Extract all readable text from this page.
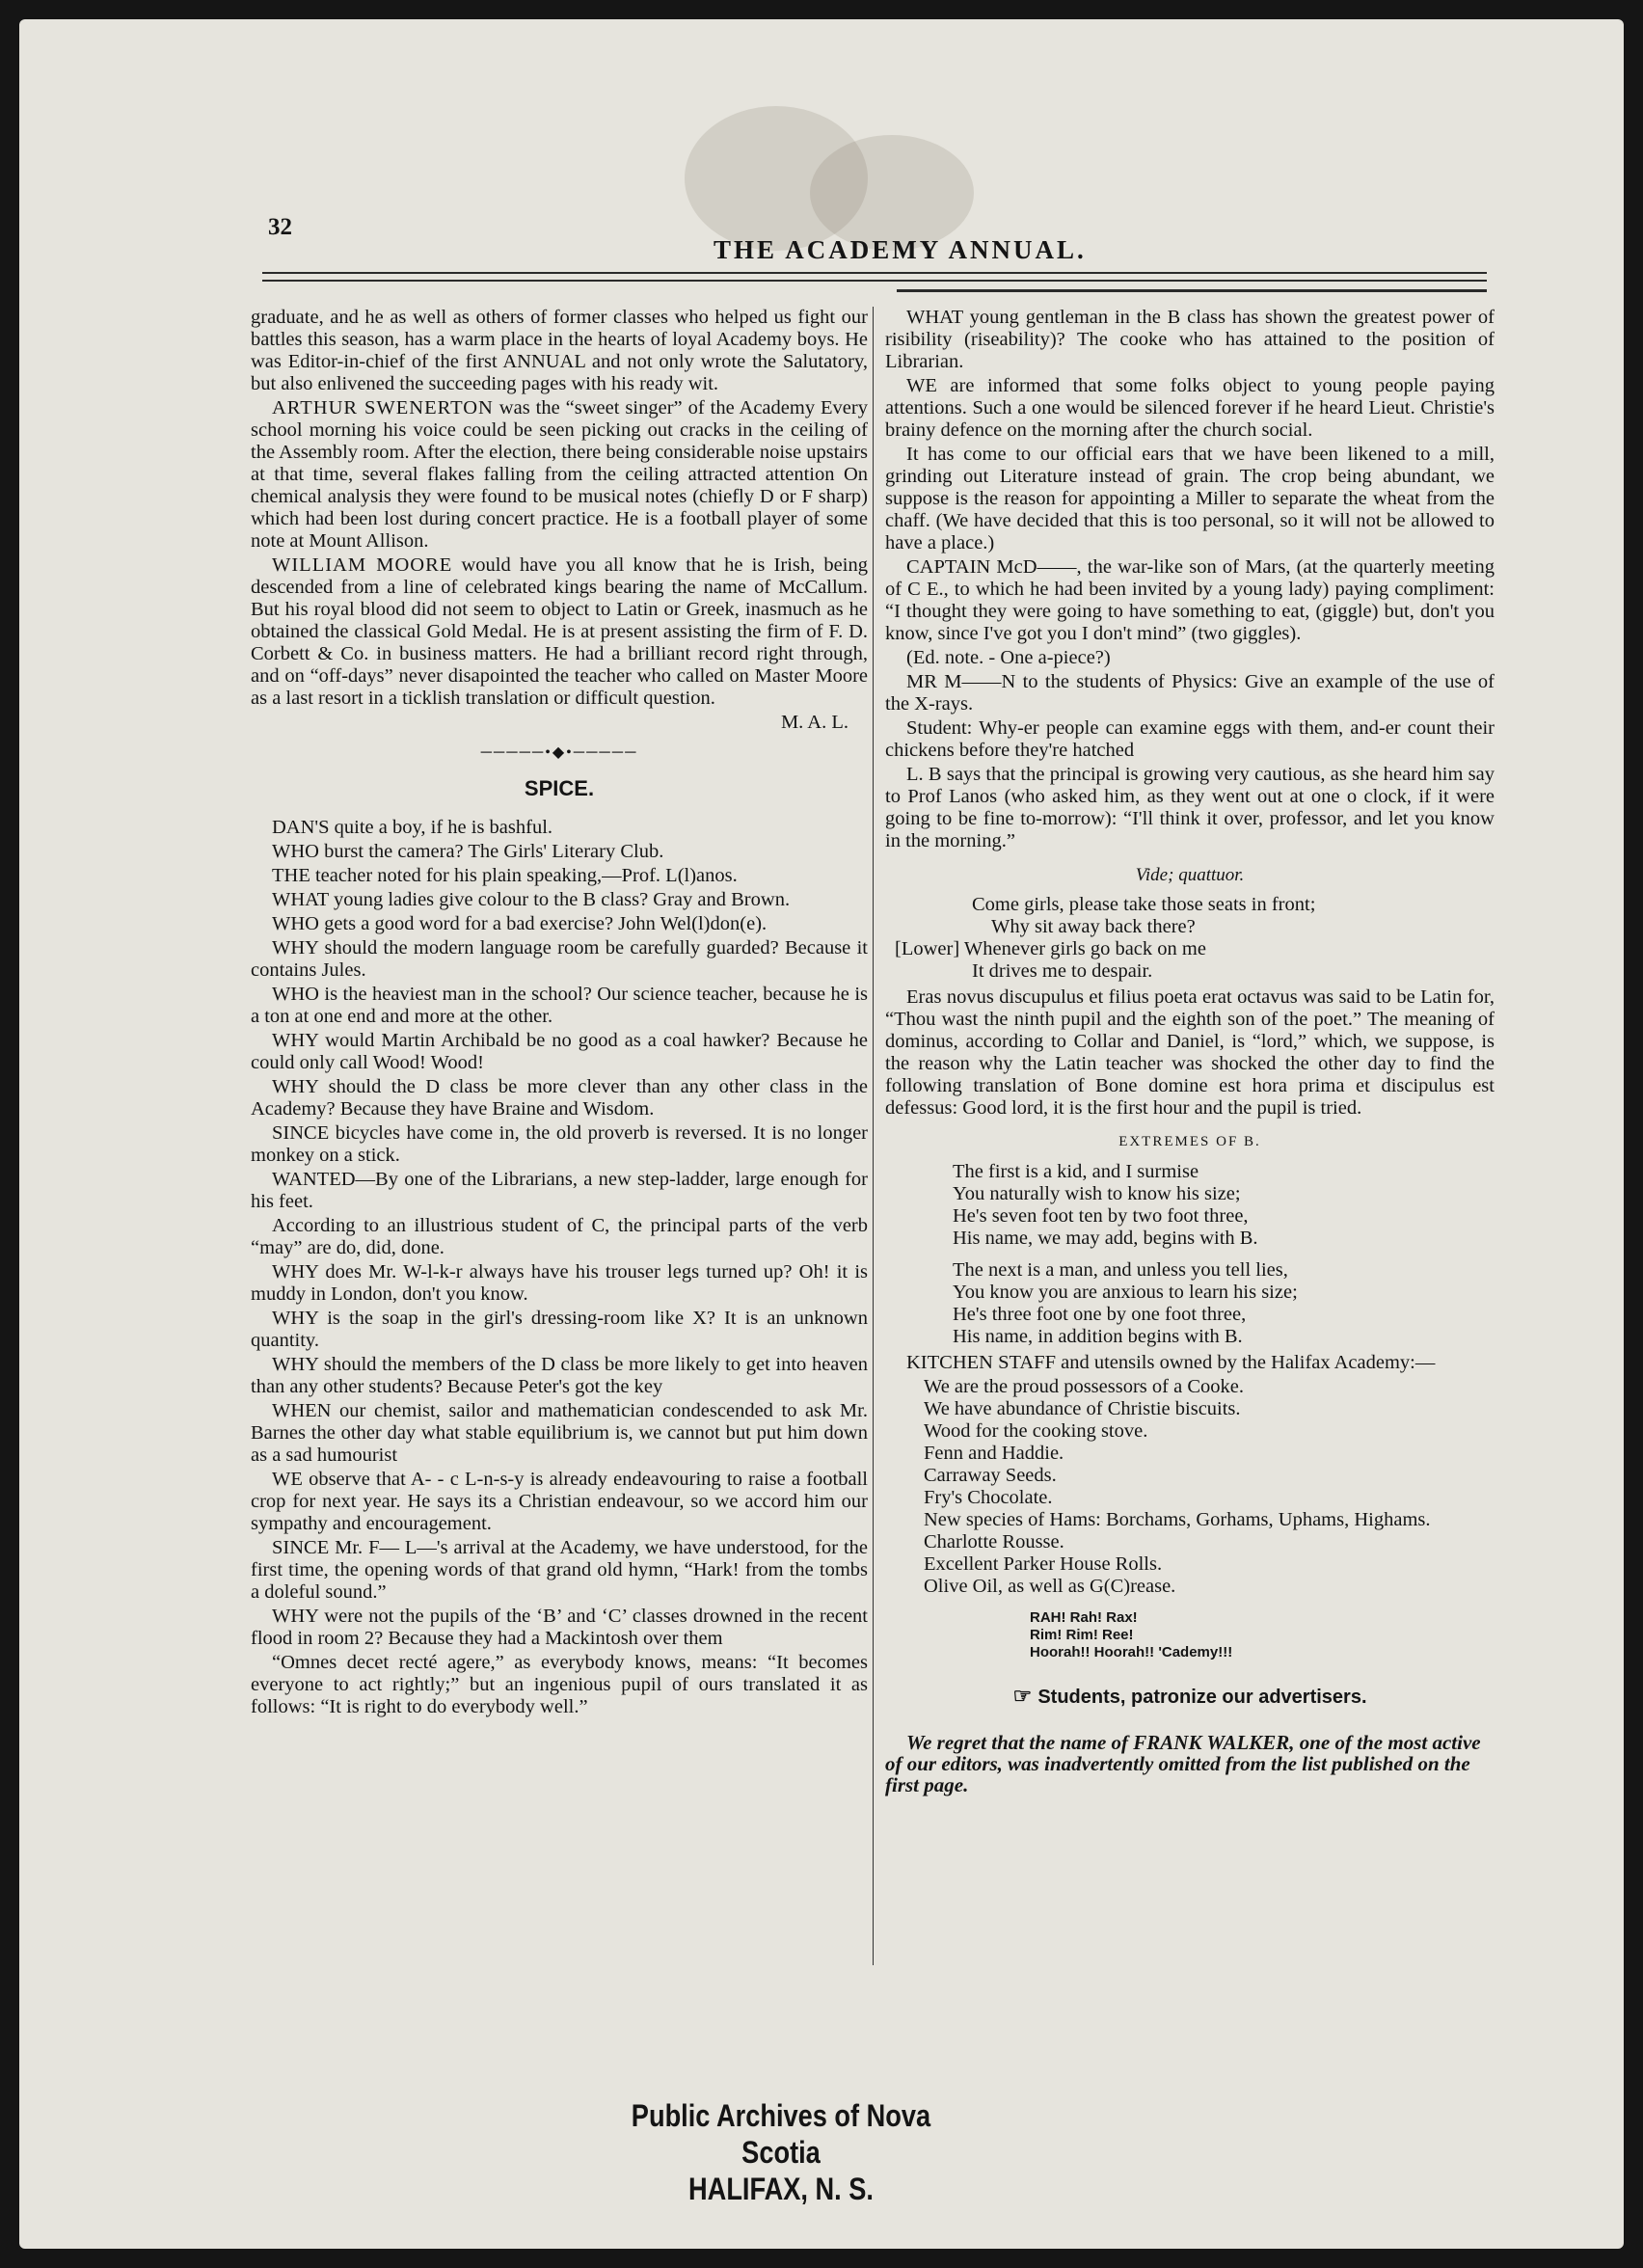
32
THE ACADEMY ANNUAL.

graduate, and he as well as others of former classes who helped us fight our battles this season, has a warm place in the hearts of loyal Academy boys. He was Editor-in-chief of the first ANNUAL and not only wrote the Salutatory, but also enlivened the succeeding pages with his ready wit.

ARTHUR SWENERTON was the “sweet singer” of the Academy Every school morning his voice could be seen picking out cracks in the ceiling of the Assembly room. After the election, there being considerable noise upstairs at that time, several flakes falling from the ceiling attracted attention On chemical analysis they were found to be musical notes (chiefly D or F sharp) which had been lost during concert practice. He is a football player of some note at Mount Allison.

WILLIAM MOORE would have you all know that he is Irish, being descended from a line of celebrated kings bearing the name of McCallum. But his royal blood did not seem to object to Latin or Greek, inasmuch as he obtained the classical Gold Medal. He is at present assisting the firm of F. D. Corbett & Co. in business matters. He had a brilliant record right through, and on “off-days” never disapointed the teacher who called on Master Moore as a last resort in a ticklish translation or difficult question.

M. A. L.
─────•◆•─────
SPICE.

DAN'S quite a boy, if he is bashful.

WHO burst the camera? The Girls' Literary Club.

THE teacher noted for his plain speaking,—Prof. L(l)anos.

WHAT young ladies give colour to the B class? Gray and Brown.

WHO gets a good word for a bad exercise? John Wel(l)don(e).

WHY should the modern language room be carefully guarded? Because it contains Jules.

WHO is the heaviest man in the school? Our science teacher, because he is a ton at one end and more at the other.

WHY would Martin Archibald be no good as a coal hawker? Because he could only call Wood! Wood!

WHY should the D class be more clever than any other class in the Academy? Because they have Braine and Wisdom.

SINCE bicycles have come in, the old proverb is reversed. It is no longer monkey on a stick.

WANTED—By one of the Librarians, a new step-ladder, large enough for his feet.

According to an illustrious student of C, the principal parts of the verb “may” are do, did, done.

WHY does Mr. W-l-k-r always have his trouser legs turned up? Oh! it is muddy in London, don't you know.

WHY is the soap in the girl's dressing-room like X? It is an unknown quantity.

WHY should the members of the D class be more likely to get into heaven than any other students? Because Peter's got the key

WHEN our chemist, sailor and mathematician condescended to ask Mr. Barnes the other day what stable equilibrium is, we cannot but put him down as a sad humourist

WE observe that A- - c L-n-s-y is already endeavouring to raise a football crop for next year. He says its a Christian endeavour, so we accord him our sympathy and encouragement.

SINCE Mr. F— L—'s arrival at the Academy, we have understood, for the first time, the opening words of that grand old hymn, “Hark! from the tombs a doleful sound.”

WHY were not the pupils of the ‘B’ and ‘C’ classes drowned in the recent flood in room 2? Because they had a Mackintosh over them

“Omnes decet recté agere,” as everybody knows, means: “It becomes everyone to act rightly;” but an ingenious pupil of ours translated it as follows: “It is right to do everybody well.”

WHAT young gentleman in the B class has shown the greatest power of risibility (riseability)? The cooke who has attained to the position of Librarian.

WE are informed that some folks object to young people paying attentions. Such a one would be silenced forever if he heard Lieut. Christie's brainy defence on the morning after the church social.

It has come to our official ears that we have been likened to a mill, grinding out Literature instead of grain. The crop being abundant, we suppose is the reason for appointing a Miller to separate the wheat from the chaff. (We have decided that this is too personal, so it will not be allowed to have a place.)

CAPTAIN McD——, the war-like son of Mars, (at the quarterly meeting of C E., to which he had been invited by a young lady) paying compliment: “I thought they were going to have something to eat, (giggle) but, don't you know, since I've got you I don't mind” (two giggles).

(Ed. note. - One a-piece?)

MR M——N to the students of Physics: Give an example of the use of the X-rays.

Student: Why-er people can examine eggs with them, and-er count their chickens before they're hatched

L. B says that the principal is growing very cautious, as she heard him say to Prof Lanos (who asked him, as they went out at one o clock, if it were going to be fine to-morrow): “I'll think it over, professor, and let you know in the morning.”

Vide; quattuor.
Come girls, please take those seats in front;
Why sit away back there?
[Lower] Whenever girls go back on me
It drives me to despair.

Eras novus discupulus et filius poeta erat octavus was said to be Latin for, “Thou wast the ninth pupil and the eighth son of the poet.” The meaning of dominus, according to Collar and Daniel, is “lord,” which, we suppose, is the reason why the Latin teacher was shocked the other day to find the following translation of Bone domine est hora prima et discipulus est defessus: Good lord, it is the first hour and the pupil is tried.

EXTREMES OF B.
The first is a kid, and I surmise
You naturally wish to know his size;
He's seven foot ten by two foot three,
His name, we may add, begins with B.
The next is a man, and unless you tell lies,
You know you are anxious to learn his size;
He's three foot one by one foot three,
His name, in addition begins with B.

KITCHEN STAFF and utensils owned by the Halifax Academy:—

We are the proud possessors of a Cooke.
We have abundance of Christie biscuits.
Wood for the cooking stove.
Fenn and Haddie.
Carraway Seeds.
Fry's Chocolate.
New species of Hams: Borchams, Gorhams, Uphams, Highams.
Charlotte Rousse.
Excellent Parker House Rolls.
Olive Oil, as well as G(C)rease.
RAH! Rah! Rax!
Rim! Rim! Ree!
Hoorah!! Hoorah!! 'Cademy!!!
☞ Students, patronize our advertisers.

We regret that the name of FRANK WALKER, one of the most active of our editors, was inadvertently omitted from the list published on the first page.

Public Archives of Nova Scotia
HALIFAX, N. S.
